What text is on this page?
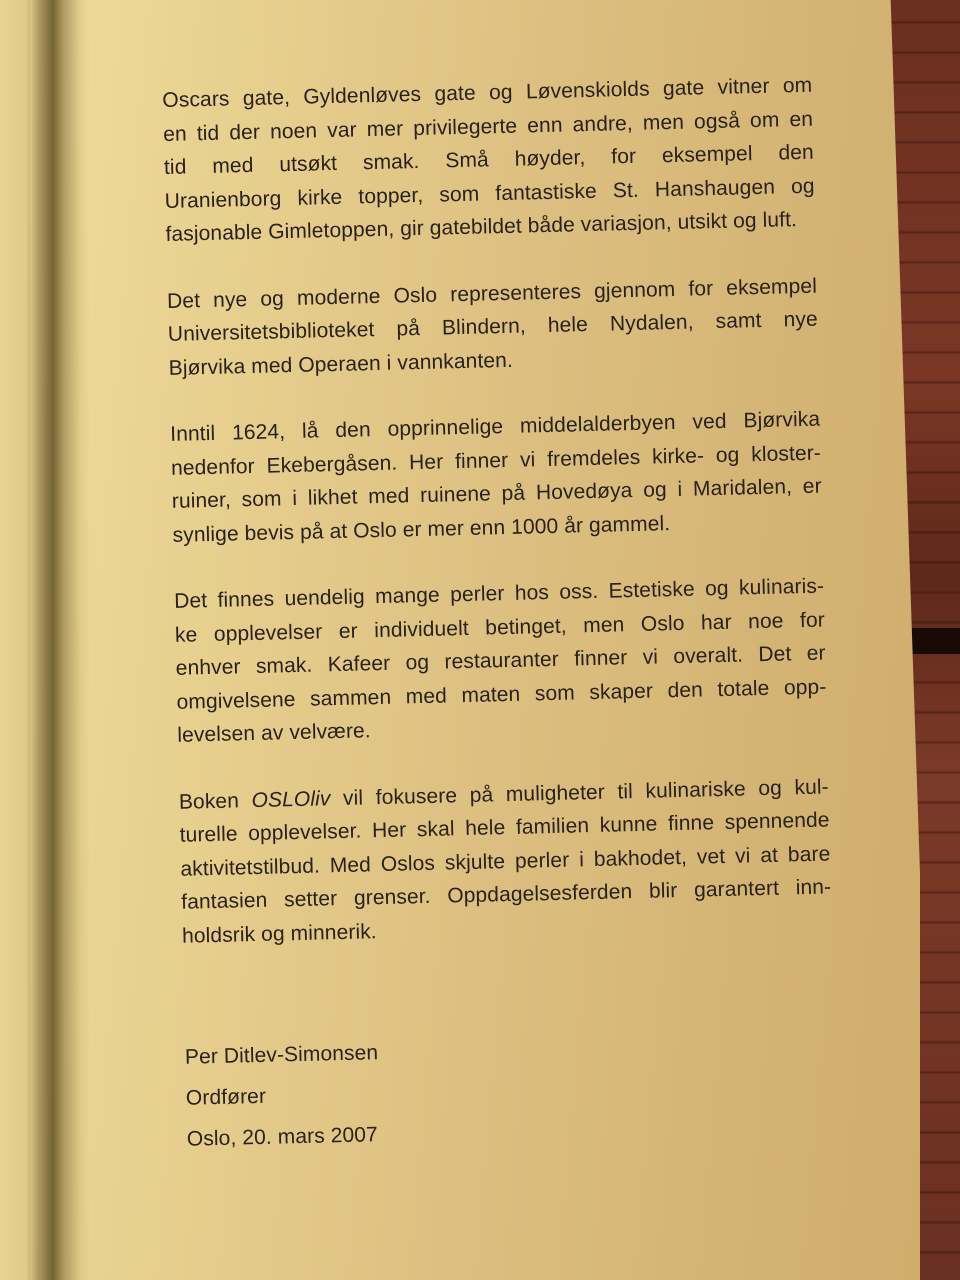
Oscars gate, Gyldenløves gate og Løvenskiolds gate vitner om
en tid der noen var mer privilegerte enn andre, men også om en
tid med utsøkt smak. Små høyder, for eksempel den
Uranienborg kirke topper, som fantastiske St. Hanshaugen og
fasjonable Gimletoppen, gir gatebildet både variasjon, utsikt og luft.
Det nye og moderne Oslo representeres gjennom for eksempel
Universitetsbiblioteket på Blindern, hele Nydalen, samt nye
Bjørvika med Operaen i vannkanten.
Inntil 1624, lå den opprinnelige middelalderbyen ved Bjørvika
nedenfor Ekebergåsen. Her finner vi fremdeles kirke- og kloster-
ruiner, som i likhet med ruinene på Hovedøya og i Maridalen, er
synlige bevis på at Oslo er mer enn 1000 år gammel.
Det finnes uendelig mange perler hos oss. Estetiske og kulinaris-
ke opplevelser er individuelt betinget, men Oslo har noe for
enhver smak. Kafeer og restauranter finner vi overalt. Det er
omgivelsene sammen med maten som skaper den totale opp-
levelsen av velvære.
Boken OSLOliv vil fokusere på muligheter til kulinariske og kul-
turelle opplevelser. Her skal hele familien kunne finne spennende
aktivitetstilbud. Med Oslos skjulte perler i bakhodet, vet vi at bare
fantasien setter grenser. Oppdagelsesferden blir garantert inn-
holdsrik og minnerik.
Per Ditlev-Simonsen
Ordfører
Oslo, 20. mars 2007
